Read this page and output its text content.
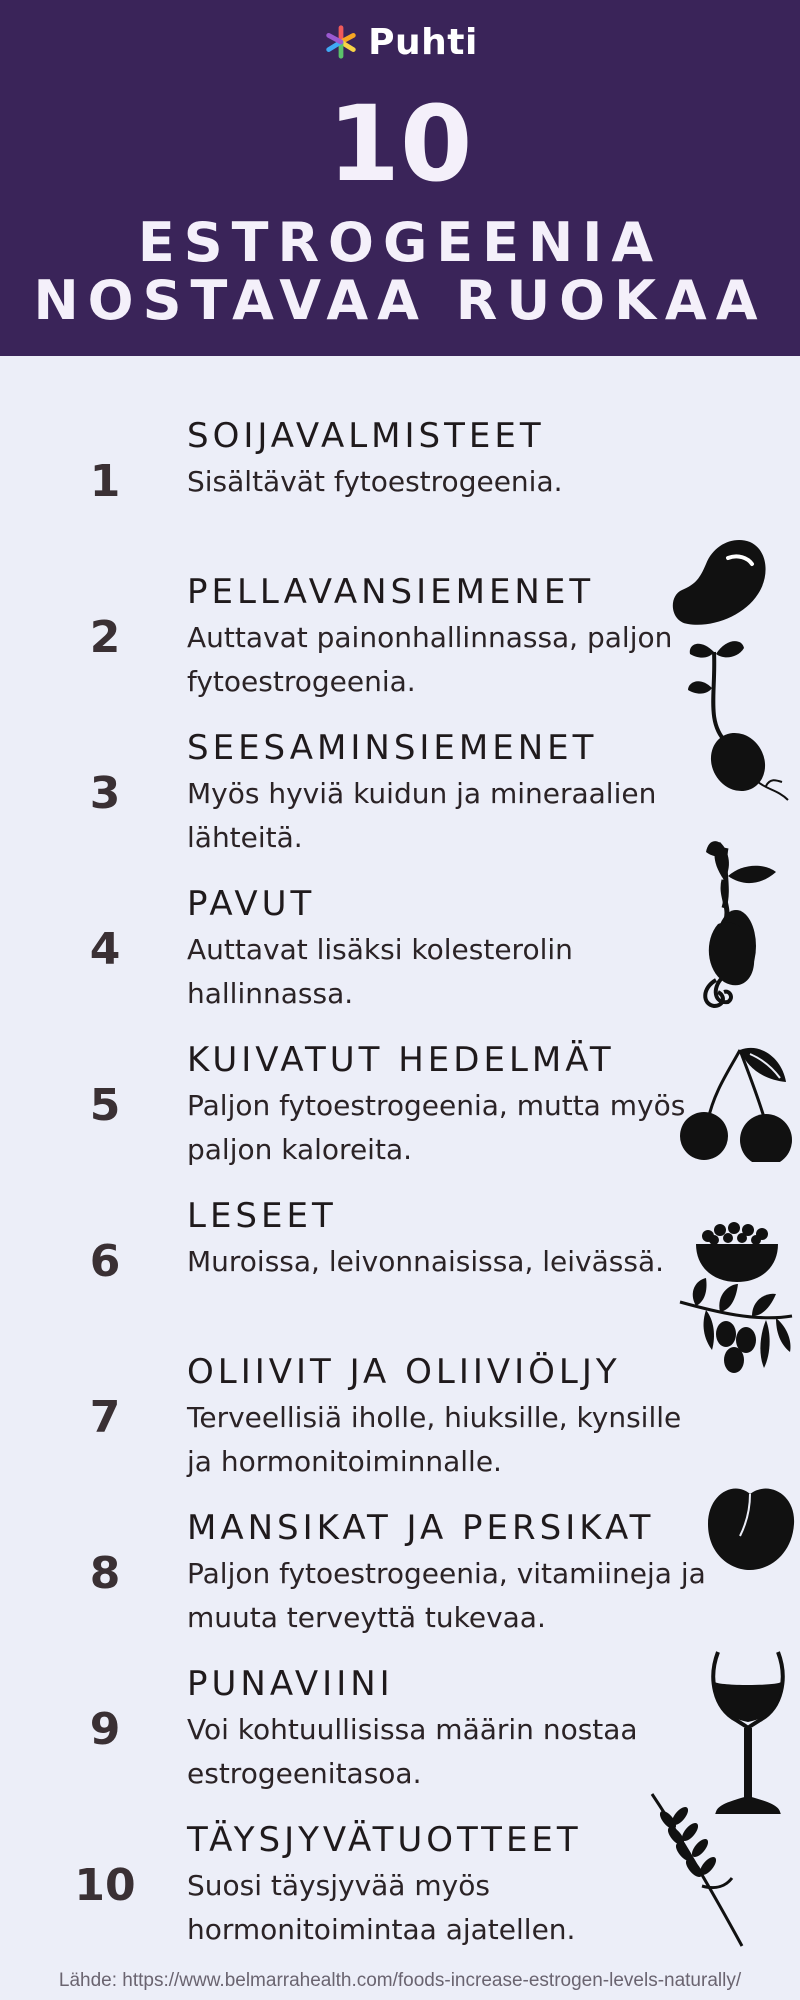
Puhti
10
ESTROGEENIA
NOSTAVAA RUOKAA
1
SOIJAVALMISTEET
Sisältävät fytoestrogeenia.
2
PELLAVANSIEMENET
Auttavat painonhallinnassa, paljon fytoestrogeenia.
3
SEESAMINSIEMENET
Myös hyviä kuidun ja mineraalien lähteitä.
4
PAVUT
Auttavat lisäksi kolesterolin hallinnassa.
5
KUIVATUT HEDELMÄT
Paljon fytoestrogeenia, mutta myös paljon kaloreita.
6
LESEET
Muroissa, leivonnaisissa, leivässä.
7
OLIIVIT JA OLIIVIÖLJY
Terveellisiä iholle, hiuksille, kynsille ja hormonitoiminnalle.
8
MANSIKAT JA PERSIKAT
Paljon fytoestrogeenia, vitamiineja ja muuta terveyttä tukevaa.
9
PUNAVIINI
Voi kohtuullisissa määrin nostaa estrogeenitasoa.
10
TÄYSJYVÄTUOTTEET
Suosi täysjyvää myös hormonitoimintaa ajatellen.
Lähde: https://www.belmarrahealth.com/foods-increase-estrogen-levels-naturally/
